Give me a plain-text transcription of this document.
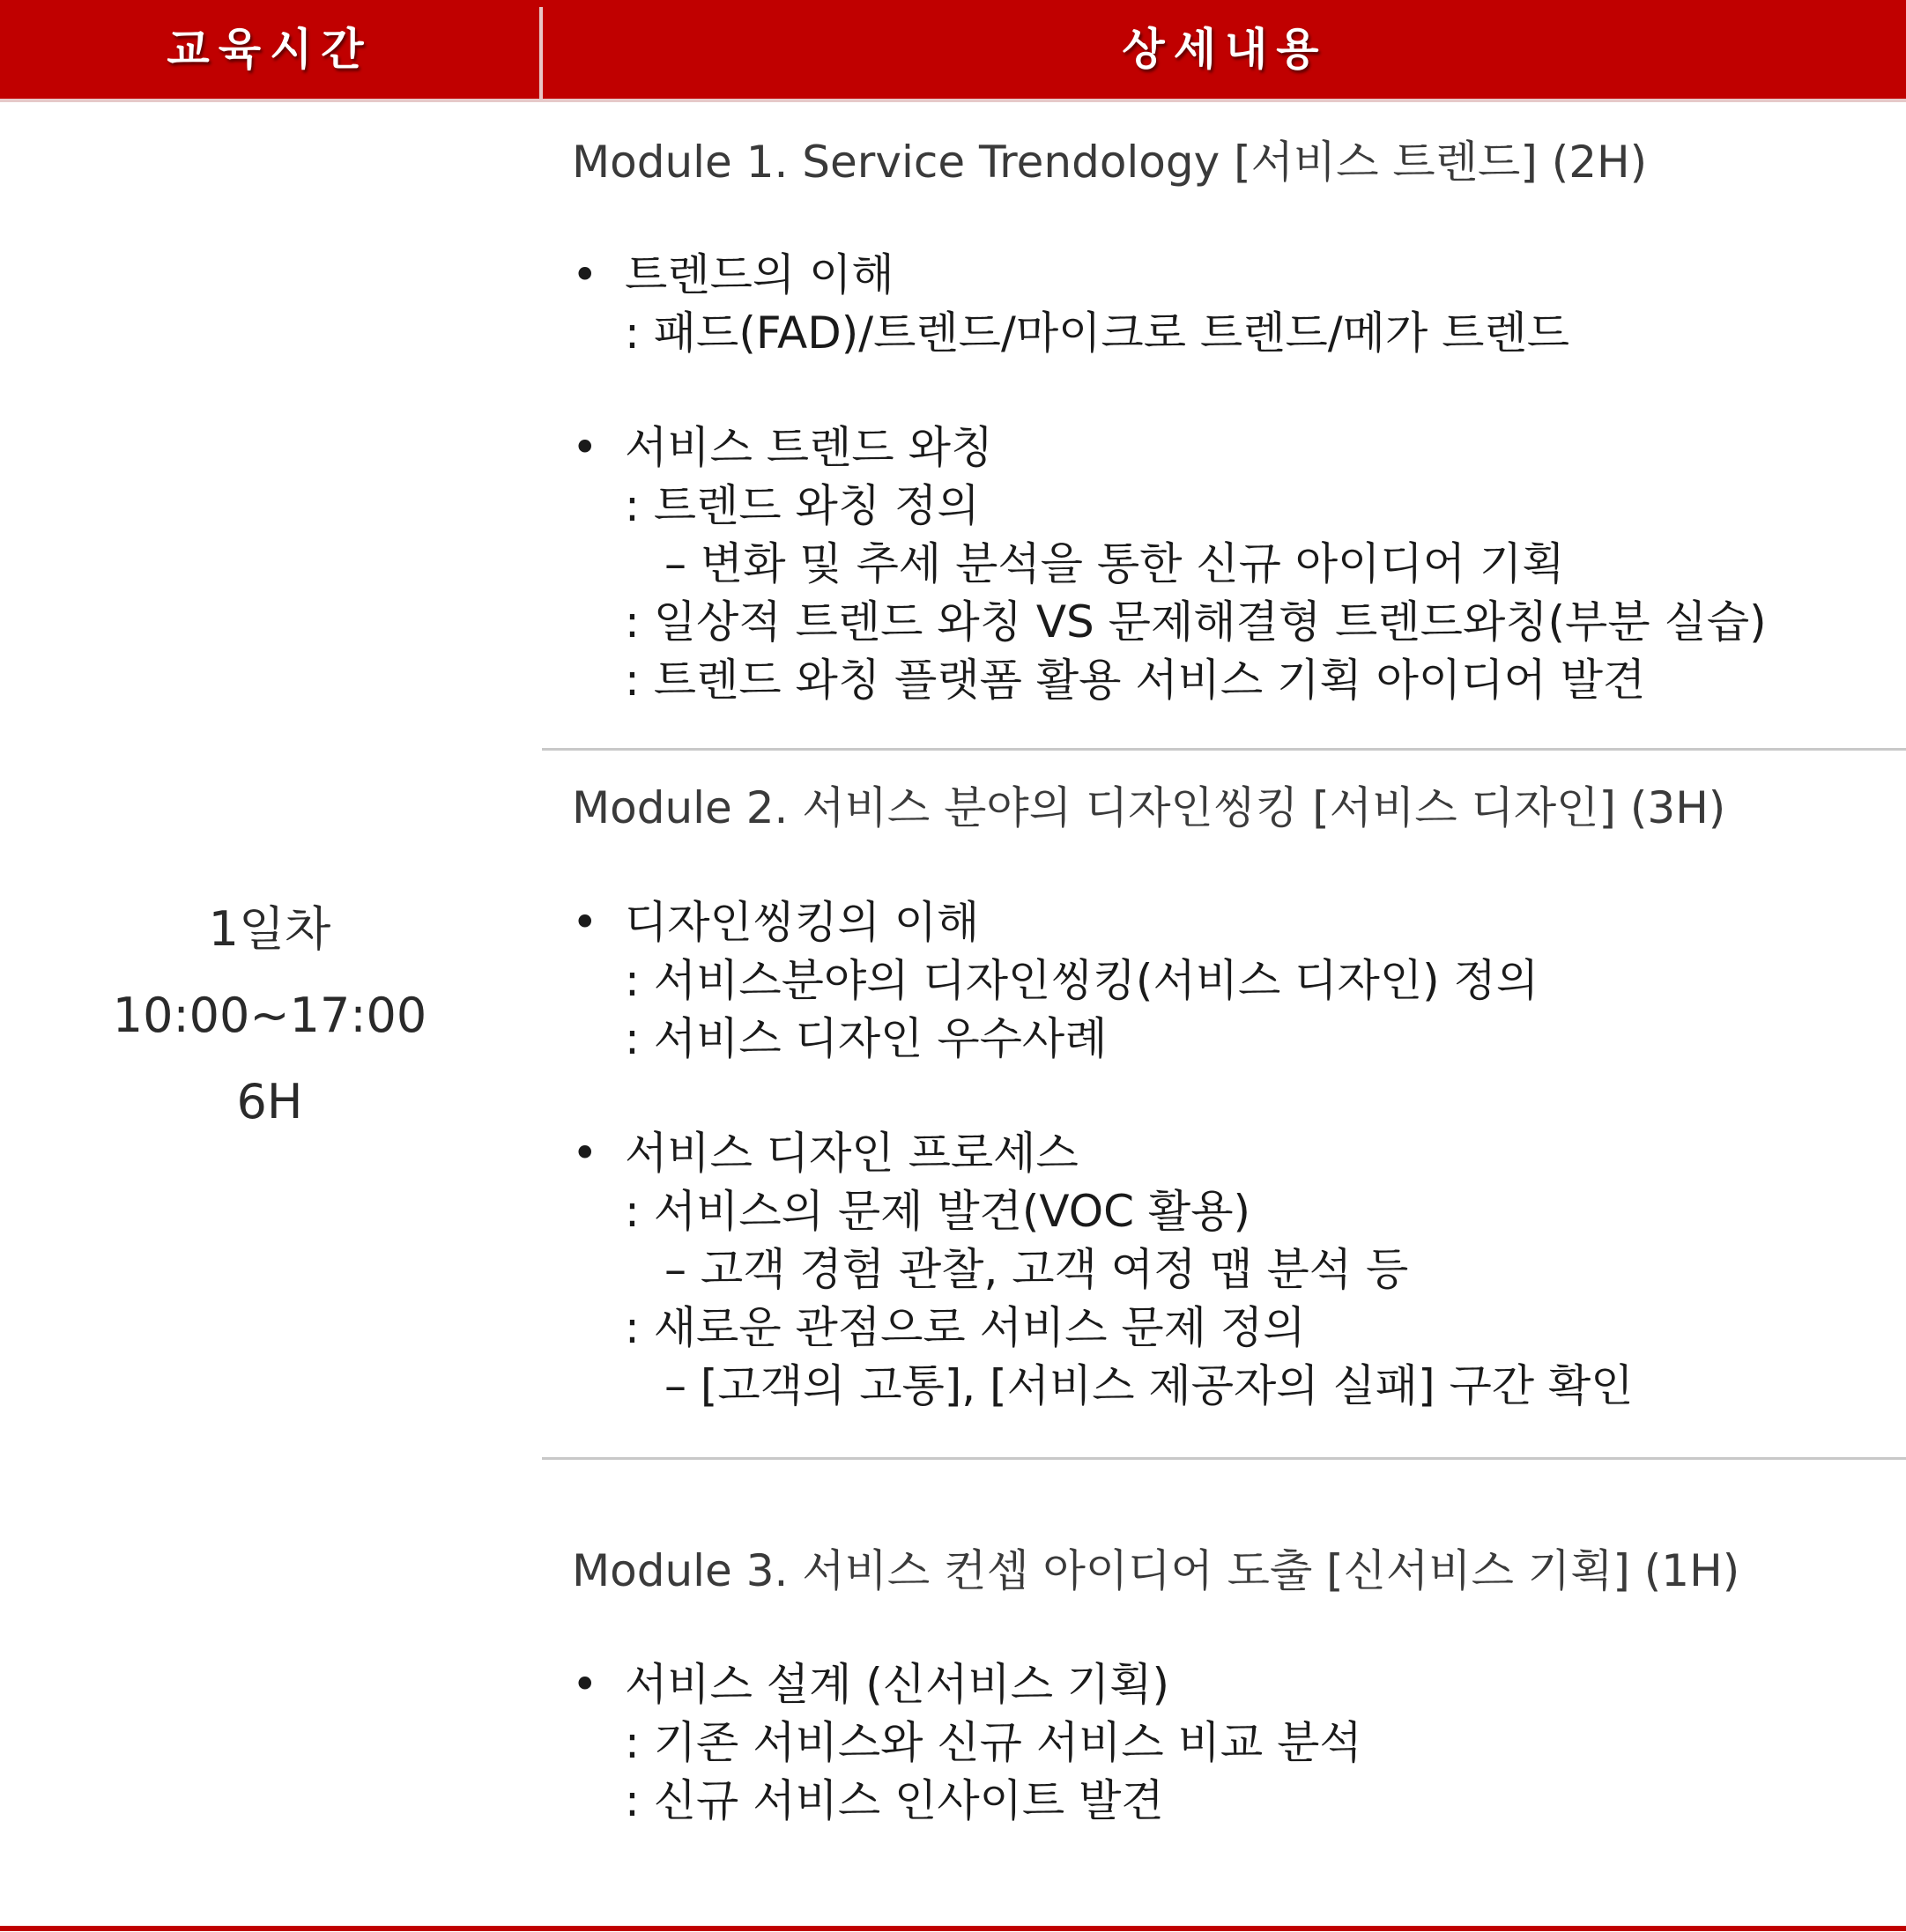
교육시간	상세내용
1일차
10:00~17:00
6H
Module 1. Service Trendology [서비스 트렌드] (2H)
• 트렌드의 이해
: 패드(FAD)/트렌드/마이크로 트렌드/메가 트렌드
• 서비스 트렌드 와칭
: 트렌드 와칭 정의
– 변화 및 추세 분석을 통한 신규 아이디어 기획
: 일상적 트렌드 와칭 VS 문제해결형 트렌드와칭(부분 실습)
: 트렌드 와칭 플랫폼 활용 서비스 기획 아이디어 발견
Module 2. 서비스 분야의 디자인씽킹 [서비스 디자인] (3H)
• 디자인씽킹의 이해
: 서비스분야의 디자인씽킹(서비스 디자인) 정의
: 서비스 디자인 우수사례
• 서비스 디자인 프로세스
: 서비스의 문제 발견(VOC 활용)
– 고객 경험 관찰, 고객 여정 맵 분석 등
: 새로운 관점으로 서비스 문제 정의
– [고객의 고통], [서비스 제공자의 실패] 구간 확인
Module 3. 서비스 컨셉 아이디어 도출 [신서비스 기획] (1H)
• 서비스 설계 (신서비스 기획)
: 기존 서비스와 신규 서비스 비교 분석
: 신규 서비스 인사이트 발견
